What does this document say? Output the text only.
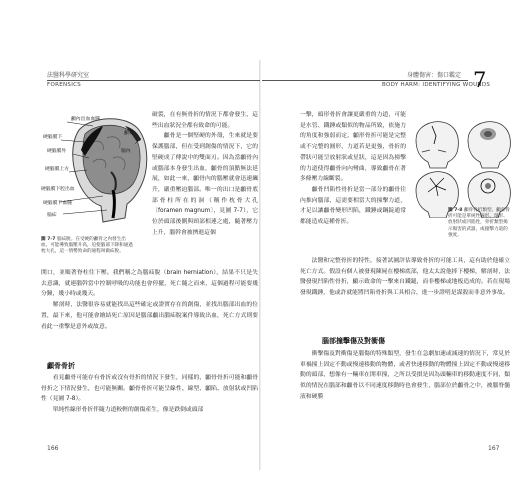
法醫科學研究室
FORENSICS
顱內出血血腫
硬腦膜下
硬腦膜外
硬腦膜上方
顱骨
硬腦膜下腔出血
硬腦膜下血腫
腦疝
腦內
圖 7-7 腦疝脫。在受硬的顱骨之內發生出血，可能導致腦壓升高，迫使腦部下降和通過枕大孔，這一情勢致命的通程叫做疝脫。
破裂，在有無骨折的情況下都會發生，這些出血狀況全都有致命的可能。
　　顱骨是一個堅硬的外殼，生來就是要保護腦部，但在受到創傷的情況下，它的堅硬成了傳說中的雙面刃。因為當顱骨內或腦部本身發生出血，顱骨的頂點無法延展，如此一來，顱骨內的腦壓就會迅速飆升，嚴重壓迫腦部。唯一的出口是顱骨底部骨柱所在的洞（稱作枕骨大孔〔foramen magnum〕，見圖 7-7），它位於頭部後側與頸部相連之處，隨著壓力上升，腦幹會被擠進這個
開口，並順著脊柱往下壓。我們稱之為腦疝脫（brain herniation），結果不只是失去意識，就連腦幹當中控制呼吸的功能也會停擺，死亡隨之而來，這個過程可能要幾分鐘，幾小時或幾天。
　　解剖時，法醫很容易就能找出這些確定或證實存在的創傷，並找出腦部出血的位置，最下來，他可能會繪結死亡原因是腦部顱出腦疝脫案件導致出血，死亡方式則要看此一重擊是意外或故意。
顱骨骨折
　　看見顱骨可能存有骨折或沒有骨折的情況下發生，同樣的，顱骨骨折可能和顱骨骨折之下情況發生，也可能無關。顱骨骨折可能呈線性、線型、顱陷、放射狀或凹陷性（見圖 7-8）。
　　單純性線形骨折伴隨力道較輕的創傷產生，像是跌倒或頭部
166
身體傷害：傷口鑑定
BODY HARM: IDENTIFYING WOUNDS
7
一擊，頭形骨折會讓更嚴重的力道，可能是水管、鐵錘或類似的物品所致，依施力的角度和強弱而定，顱形骨折可能是完整或不完整的圓形，力道若是更強，骨折的帶狀可能呈放射狀或星狀，這是因為撞擊的力道使得顱骨向內彎曲，導致顱骨在著多條壓力線斷裂。
　　顱骨凹陷性骨折是當一部分的顱骨往內推向腦部，這需要相當大的撞擊力道，才足以讓顱骨變形凹陷，鐵錘或鋼錠通常都能造成這種骨折。
圖 7-8 顱骨骨折類型。顱骨骨折可能是單純性線形、環形、放射狀或凹陷性，骨折類型揭示傷害的武器，或撞擊力道的強度。
　　法醫和完整骨折的特性，接著試圖評估導致骨折的可能工具，這有助於他確立死亡方式。假設有個人被發現陳屍在樓梯底部，他太太說他摔下樓梯，解剖時，法醫發現凹陷性骨折，顯示致命的一擊來自鐵鎚，而非樓梯或地板造成的。若在現場發現鐵錘，他或許就能將凹陷骨折與工具相合，進一步證明是謀殺而非意外事故。
腦部撞擊傷及對衝傷
　　衝擊傷及對衝傷是腦傷的特殊類型，發生在急劇加速或減速的情況下，常見於車禍撞上固定不動或慢速移動的物體，或者快速移動的物體撞上固定不動或慢速移動的頭部，想像有一輛車在開車撞，之所以受損是因為頭輛車的移動速度不同，類似的情況在腦部和顱骨以不同速度移動時也會發生，腦部位於顱骨之中，被腦脊髓液和硬膜
167
